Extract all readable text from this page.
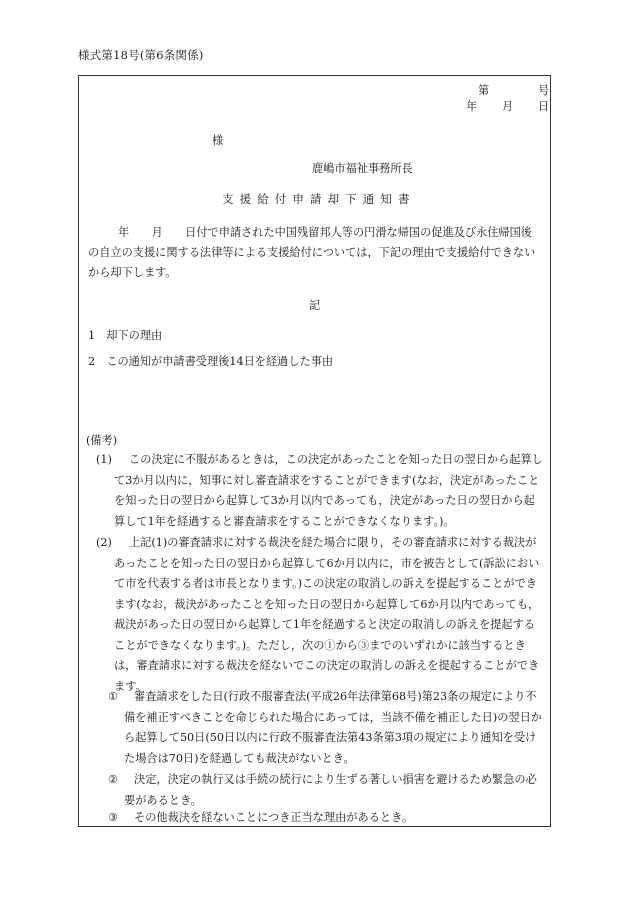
様式第18号(第6条関係)
第	号
年 月 日
様
鹿嶋市福祉事務所長
支援給付申請却下通知書

年　　月　　日付で申請された中国残留邦人等の円滑な帰国の促進及び永住帰国後の自立の支援に関する法律等による支援給付については，下記の理由で支援給付できないから却下します。

記
1　却下の理由
2　この通知が申請書受理後14日を経過した事由
(備考)
(1)	この決定に不服があるときは，この決定があったことを知った日の翌日から起算して3か月以内に，知事に対し審査請求をすることができます(なお，決定があったことを知った日の翌日から起算して3か月以内であっても，決定があった日の翌日から起算して1年を経過すると審査請求をすることができなくなります。)。
(2)	上記(1)の審査請求に対する裁決を経た場合に限り，その審査請求に対する裁決があったことを知った日の翌日から起算して6か月以内に，市を被告として(訴訟において市を代表する者は市長となります。)この決定の取消しの訴えを提起することができます(なお，裁決があったことを知った日の翌日から起算して6か月以内であっても，裁決があった日の翌日から起算して1年を経過すると決定の取消しの訴えを提起することができなくなります。)。ただし，次の①から③までのいずれかに該当するときは，審査請求に対する裁決を経ないでこの決定の取消しの訴えを提起することができます。
①	審査請求をした日(行政不服審査法(平成26年法律第68号)第23条の規定により不備を補正すべきことを命じられた場合にあっては，当該不備を補正した日)の翌日から起算して50日(50日以内に行政不服審査法第43条第3項の規定により通知を受けた場合は70日)を経過しても裁決がないとき。
②	決定，決定の執行又は手続の続行により生ずる著しい損害を避けるため緊急の必要があるとき。
③	その他裁決を経ないことにつき正当な理由があるとき。
